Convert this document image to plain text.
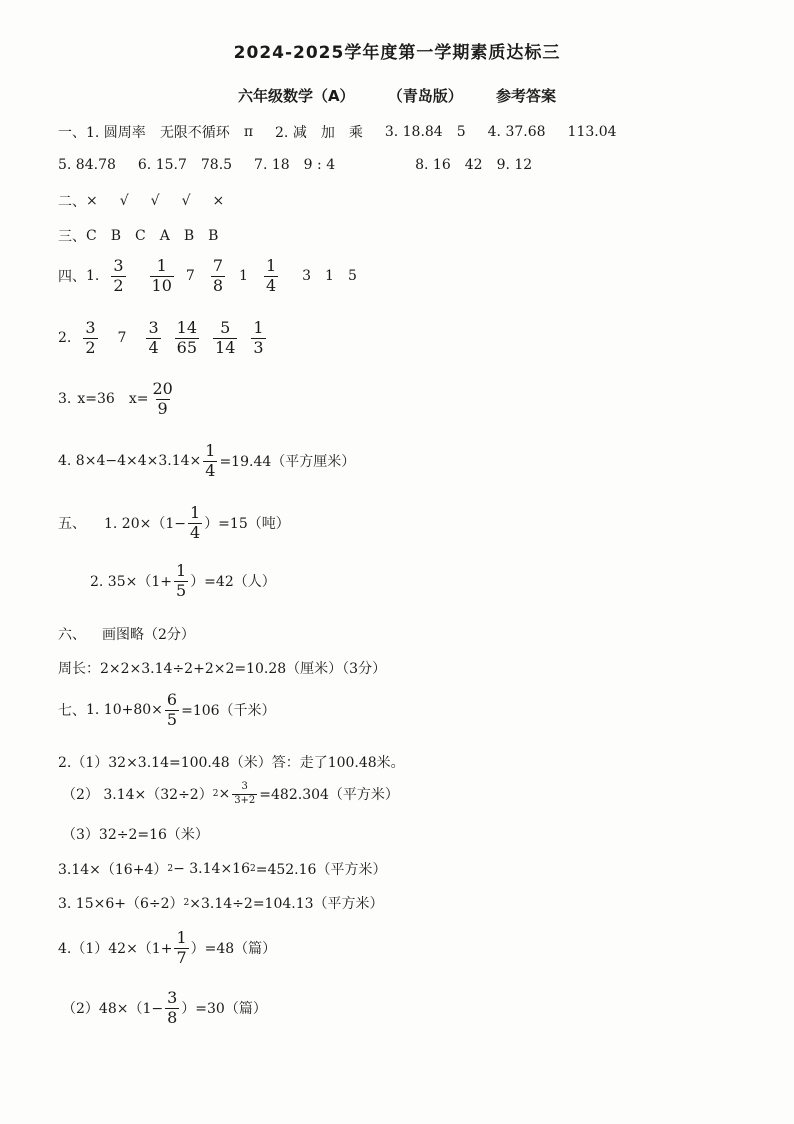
2024-2025学年度第一学期素质达标三
六年级数学（A） （青岛版） 参考答案
一、 1. 圆周率 无限不循环 π 2. 减 加 乘 3. 18.84 5 4. 37.68 113.04
5. 84.78 6. 15.7 78.5 7. 18 9 : 4	8. 16 42 9. 12
二、 × √ √ √ ×
三、 C B C A B B
四、 1. $\frac{3}{2} \frac{1}{10} 7 \frac{7}{8} 1 \frac{1}{4} 3$ 1 5
2. $\frac{3}{2} 7 \frac{3}{4} \frac{14}{65} \frac{5}{14} \frac{1}{3}$
3. x=36 $x= \frac{20}{9}$
4. $8\times 4-4\times 4\times 3.14\times \frac{1}{4} =19.44$（平方厘米）
五、 1. $20\times(1- \frac{1}{4} )=15$（吨）
2. $35\times(1+ \frac{1}{5} )=42$（人）
六、 画图略（2分）
周长：2×2×3.14÷2+2×2=10.28（厘米）（3分）
七、 1. $10+80\times \frac{6}{5} =106$（千米）
2.（1）32×3.14=100.48（米）答：走了100.48米。
（2） 3.14×（32÷2） $2 \times \frac{3}{3+2} =482.304$（平方米）
（3）32÷2=16（米）
3.14×（16+4） 2 − 3.14×16 2 =452.16（平方米）
3. 15×6+（6÷2） 2 ×3.14÷2=104.13（平方米）
$4.(1)42\times(1+ \frac{1}{7} )=48$（篇）
$(2)48\times(1- \frac{3}{8} )=30$（篇）
